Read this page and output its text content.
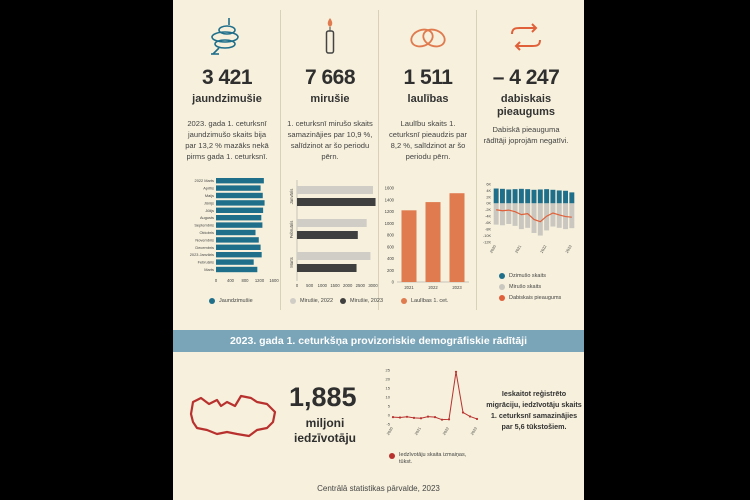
3 421
jaundzimušie
2023. gada 1. ceturksnī jaundzimušo skaits bija par 13,2 % mazāks nekā pirms gada 1. ceturksnī.
7 668
mirušie
1. ceturksnī mirušo skaits samazinājies par 10,9 %, salīdzinot ar šo periodu pērn.
1 511
laulības
Laulību skaits 1. ceturksnī pieaudzis par 8,2 %, salīdzinot ar šo periodu pērn.
– 4 247
dabiskais pieaugums
Dabiskā pieauguma rādītāji joprojām negatīvi.
2022 Marts
Aprīlis
Maijs
Jūnijs
Jūlijs
Augusts
Septembris
Oktobris
Novembris
Decembris
2023 Janvāris
Februāris
Marts
0 400 800 1200 1600
Jaundzimušie
Janvāris
Februāris
Marts
0 500 1000 1500 2000 2500 3000
Mirušie, 2022	Mirušie, 2023
0
200
400
600
800
1000
1200
1400
1600
2021	2022	2023
Laulības 1. cet.
6K
4K
2K
0K
-2K
-4K
-6K
-8K
-10K
-12K
2020	2021	2022	2023
Dzimušo skaits
Mirušo skaits
Dabiskais pieaugums
2023. gada 1. ceturkšņa provizoriskie demogrāfiskie rādītāji
1,885
miljoni
iedzīvotāju
25
20
15
10
5
0
-5
2020	2021	2022	2023
Iedzīvotāju skaita izmaiņas, tūkst.
Ieskaitot reģistrēto migrāciju, iedzīvotāju skaits 1. ceturksnī samazinājies par 5,6 tūkstošiem.
Centrālā statistikas pārvalde, 2023
